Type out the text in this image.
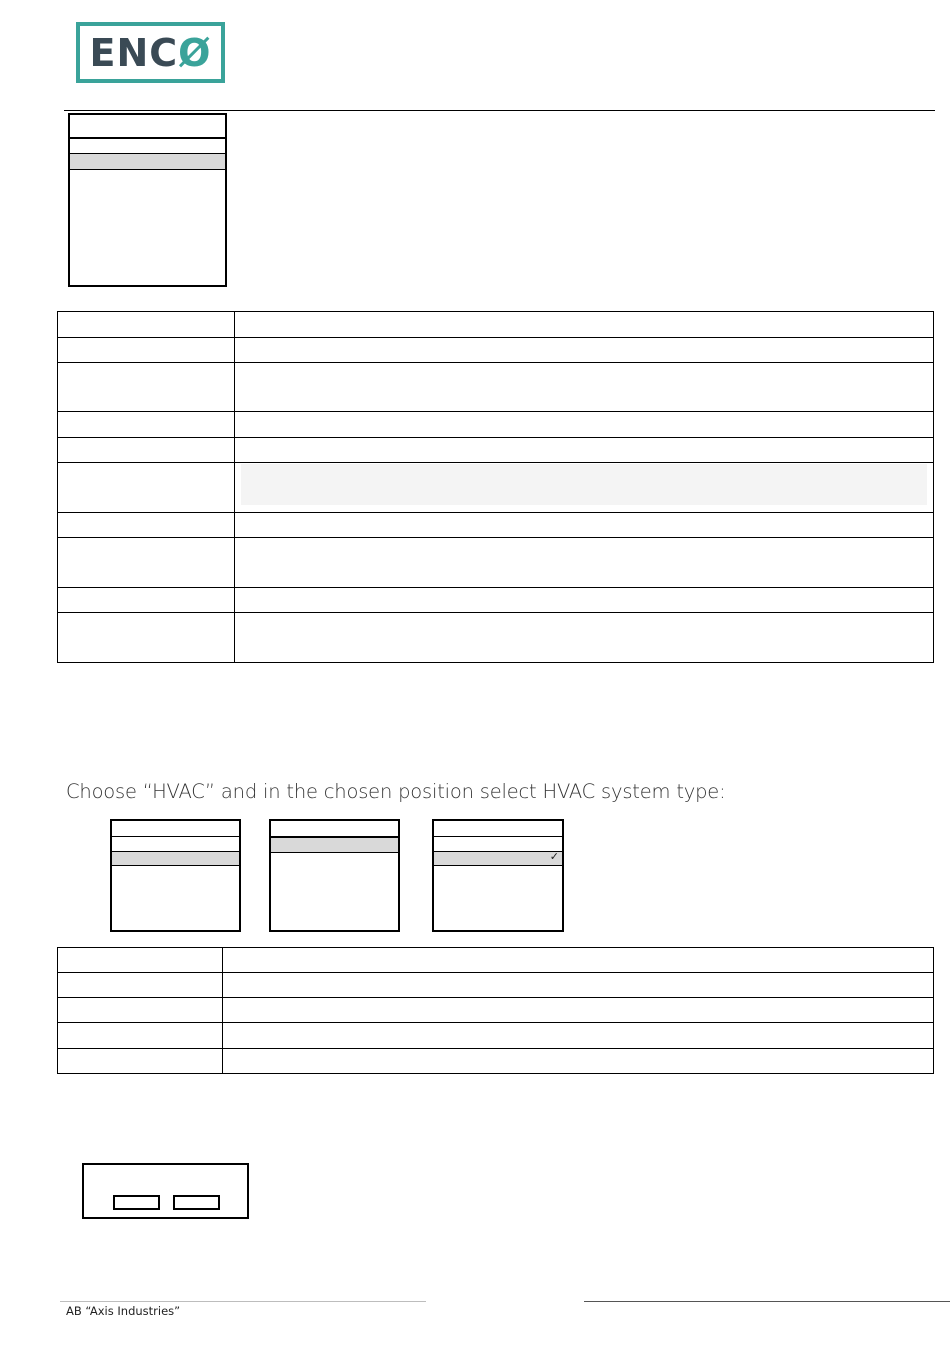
ENCØ

Choose “HVAC” and in the chosen position select HVAC system type:
✓

AB “Axis Industries”
